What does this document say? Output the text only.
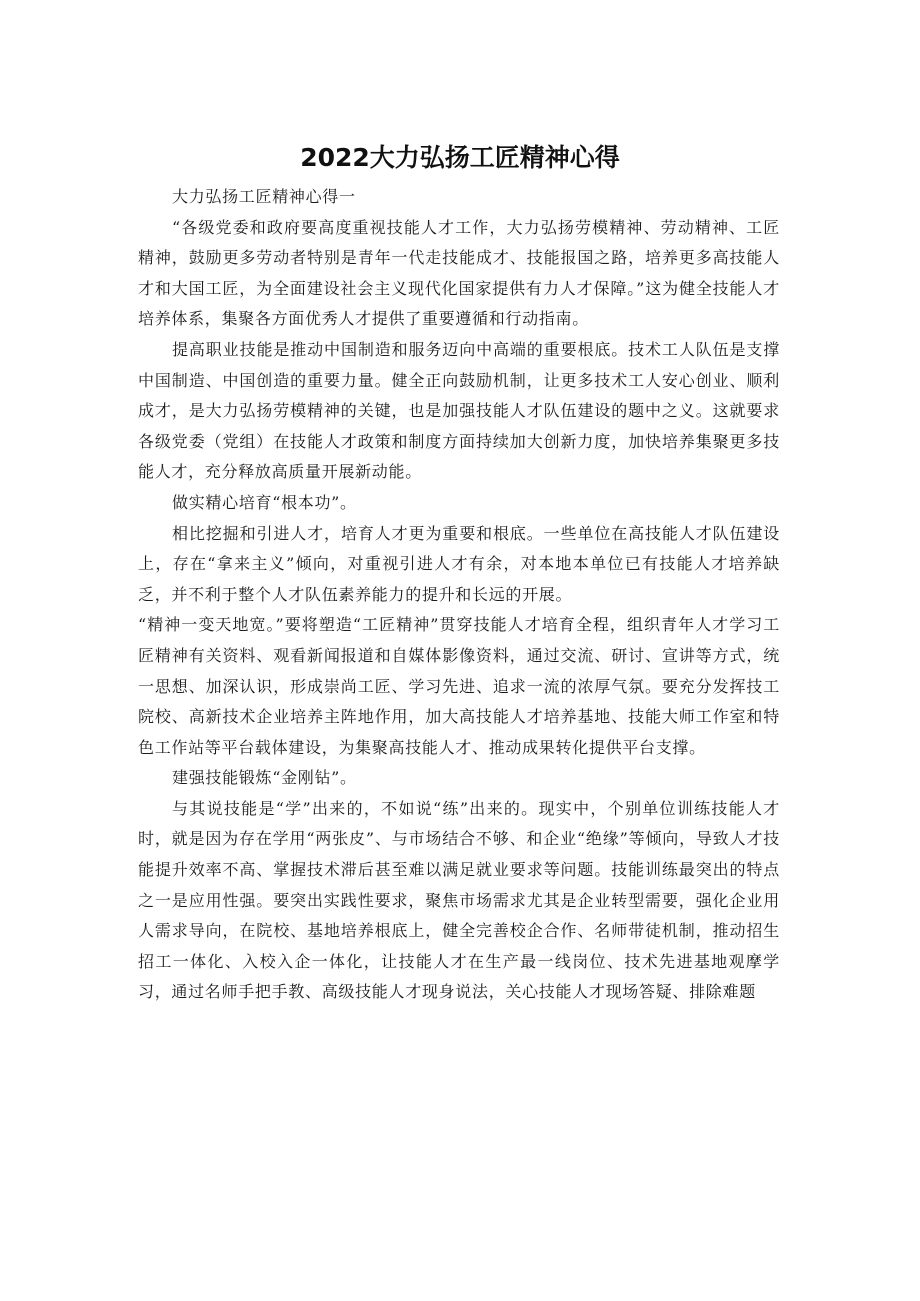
2022大力弘扬工匠精神心得

大力弘扬工匠精神心得一

“各级党委和政府要高度重视技能人才工作，大力弘扬劳模精神、劳动精神、工匠精神，鼓励更多劳动者特别是青年一代走技能成才、技能报国之路，培养更多高技能人才和大国工匠，为全面建设社会主义现代化国家提供有力人才保障。”这为健全技能人才培养体系，集聚各方面优秀人才提供了重要遵循和行动指南。

提高职业技能是推动中国制造和服务迈向中高端的重要根底。技术工人队伍是支撑中国制造、中国创造的重要力量。健全正向鼓励机制，让更多技术工人安心创业、顺利成才，是大力弘扬劳模精神的关键，也是加强技能人才队伍建设的题中之义。这就要求各级党委（党组）在技能人才政策和制度方面持续加大创新力度，加快培养集聚更多技能人才，充分释放高质量开展新动能。

做实精心培育“根本功”。

相比挖掘和引进人才，培育人才更为重要和根底。一些单位在高技能人才队伍建设上，存在“拿来主义”倾向，对重视引进人才有余，对本地本单位已有技能人才培养缺乏，并不利于整个人才队伍素养能力的提升和长远的开展。

“精神一变天地宽。”要将塑造“工匠精神”贯穿技能人才培育全程，组织青年人才学习工匠精神有关资料、观看新闻报道和自媒体影像资料，通过交流、研讨、宣讲等方式，统一思想、加深认识，形成崇尚工匠、学习先进、追求一流的浓厚气氛。要充分发挥技工院校、高新技术企业培养主阵地作用，加大高技能人才培养基地、技能大师工作室和特色工作站等平台载体建设，为集聚高技能人才、推动成果转化提供平台支撑。

建强技能锻炼“金刚钻”。

与其说技能是“学”出来的，不如说“练”出来的。现实中，个别单位训练技能人才时，就是因为存在学用“两张皮”、与市场结合不够、和企业“绝缘”等倾向，导致人才技能提升效率不高、掌握技术滞后甚至难以满足就业要求等问题。技能训练最突出的特点之一是应用性强。要突出实践性要求，聚焦市场需求尤其是企业转型需要，强化企业用人需求导向，在院校、基地培养根底上，健全完善校企合作、名师带徒机制，推动招生招工一体化、入校入企一体化，让技能人才在生产最一线岗位、技术先进基地观摩学习，通过名师手把手教、高级技能人才现身说法，关心技能人才现场答疑、排除难题
